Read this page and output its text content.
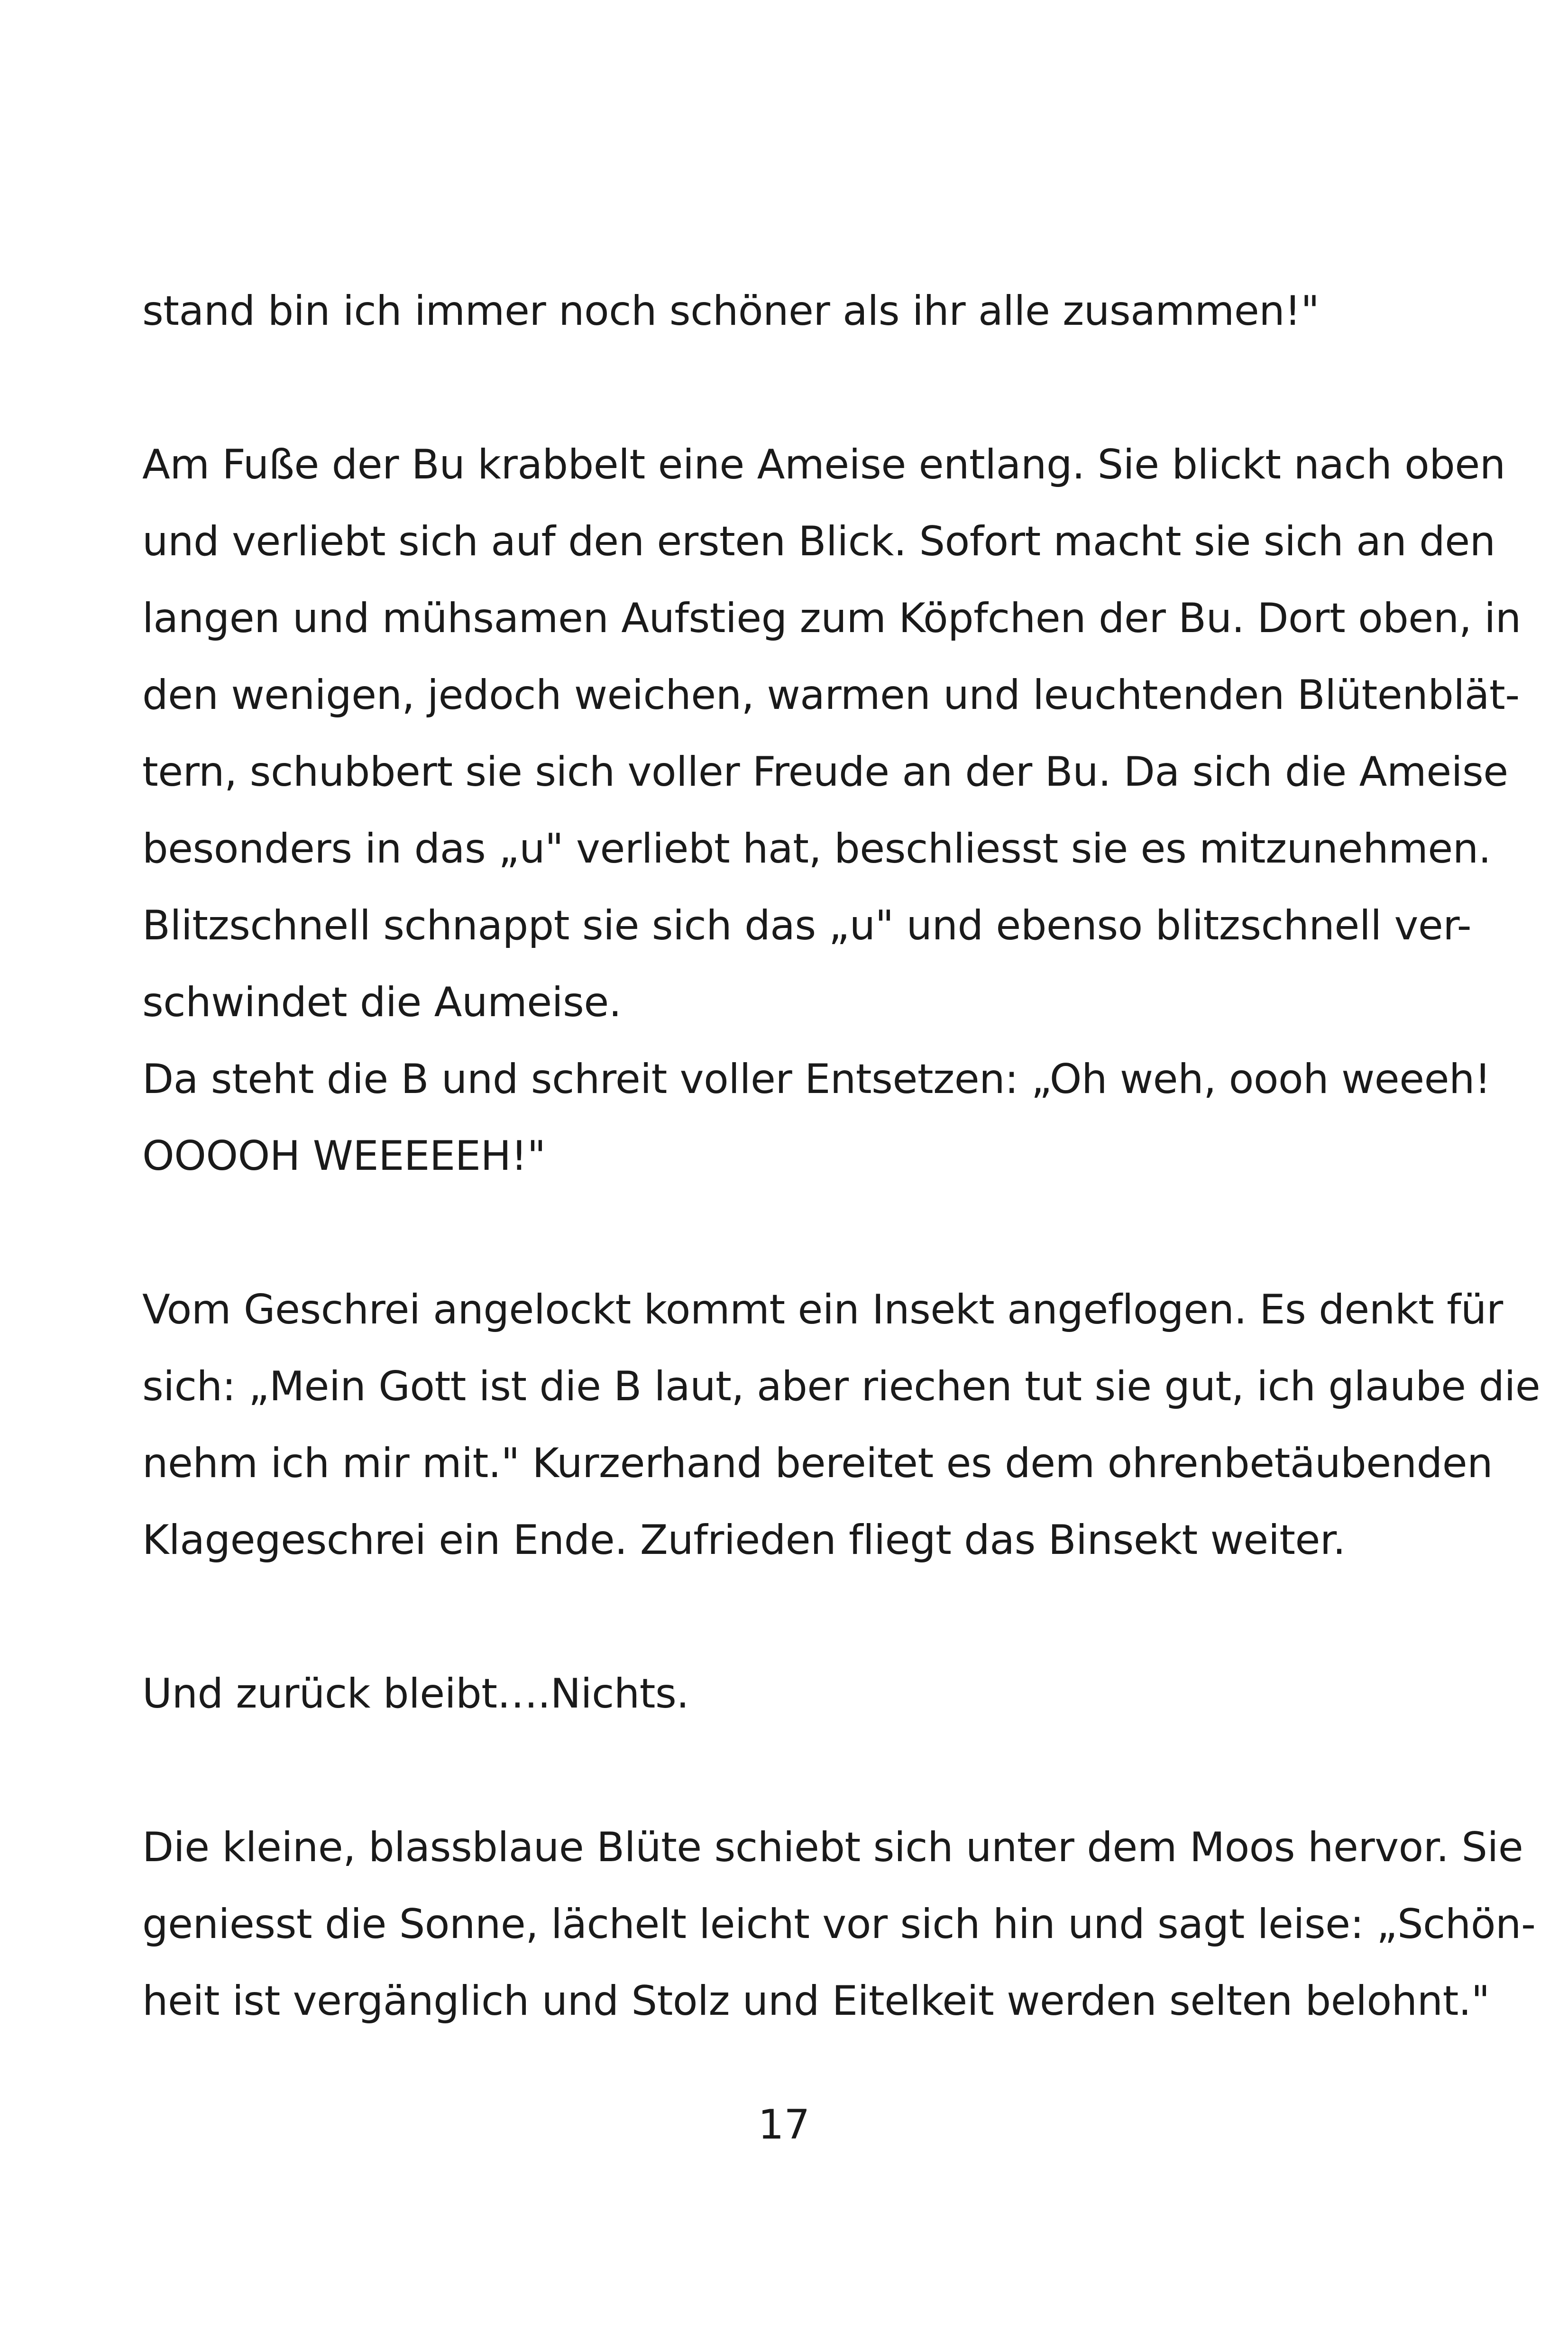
stand bin ich immer noch schöner als ihr alle zusammen!"
Am Fuße der Bu krabbelt eine Ameise entlang. Sie blickt nach oben
und verliebt sich auf den ersten Blick. Sofort macht sie sich an den
langen und mühsamen Aufstieg zum Köpfchen der Bu. Dort oben, in
den wenigen, jedoch weichen, warmen und leuchtenden Blütenblät-
tern, schubbert sie sich voller Freude an der Bu. Da sich die Ameise
besonders in das „u" verliebt hat, beschliesst sie es mitzunehmen.
Blitzschnell schnappt sie sich das „u" und ebenso blitzschnell ver-
schwindet die Aumeise.
Da steht die B und schreit voller Entsetzen: „Oh weh, oooh weeeh!
OOOOH WEEEEEH!"
Vom Geschrei angelockt kommt ein Insekt angeflogen. Es denkt für
sich: „Mein Gott ist die B laut, aber riechen tut sie gut, ich glaube die
nehm ich mir mit." Kurzerhand bereitet es dem ohrenbetäubenden
Klagegeschrei ein Ende. Zufrieden fliegt das Binsekt weiter.
Und zurück bleibt….Nichts.
Die kleine, blassblaue Blüte schiebt sich unter dem Moos hervor. Sie
geniesst die Sonne, lächelt leicht vor sich hin und sagt leise: „Schön-
heit ist vergänglich und Stolz und Eitelkeit werden selten belohnt."
17
